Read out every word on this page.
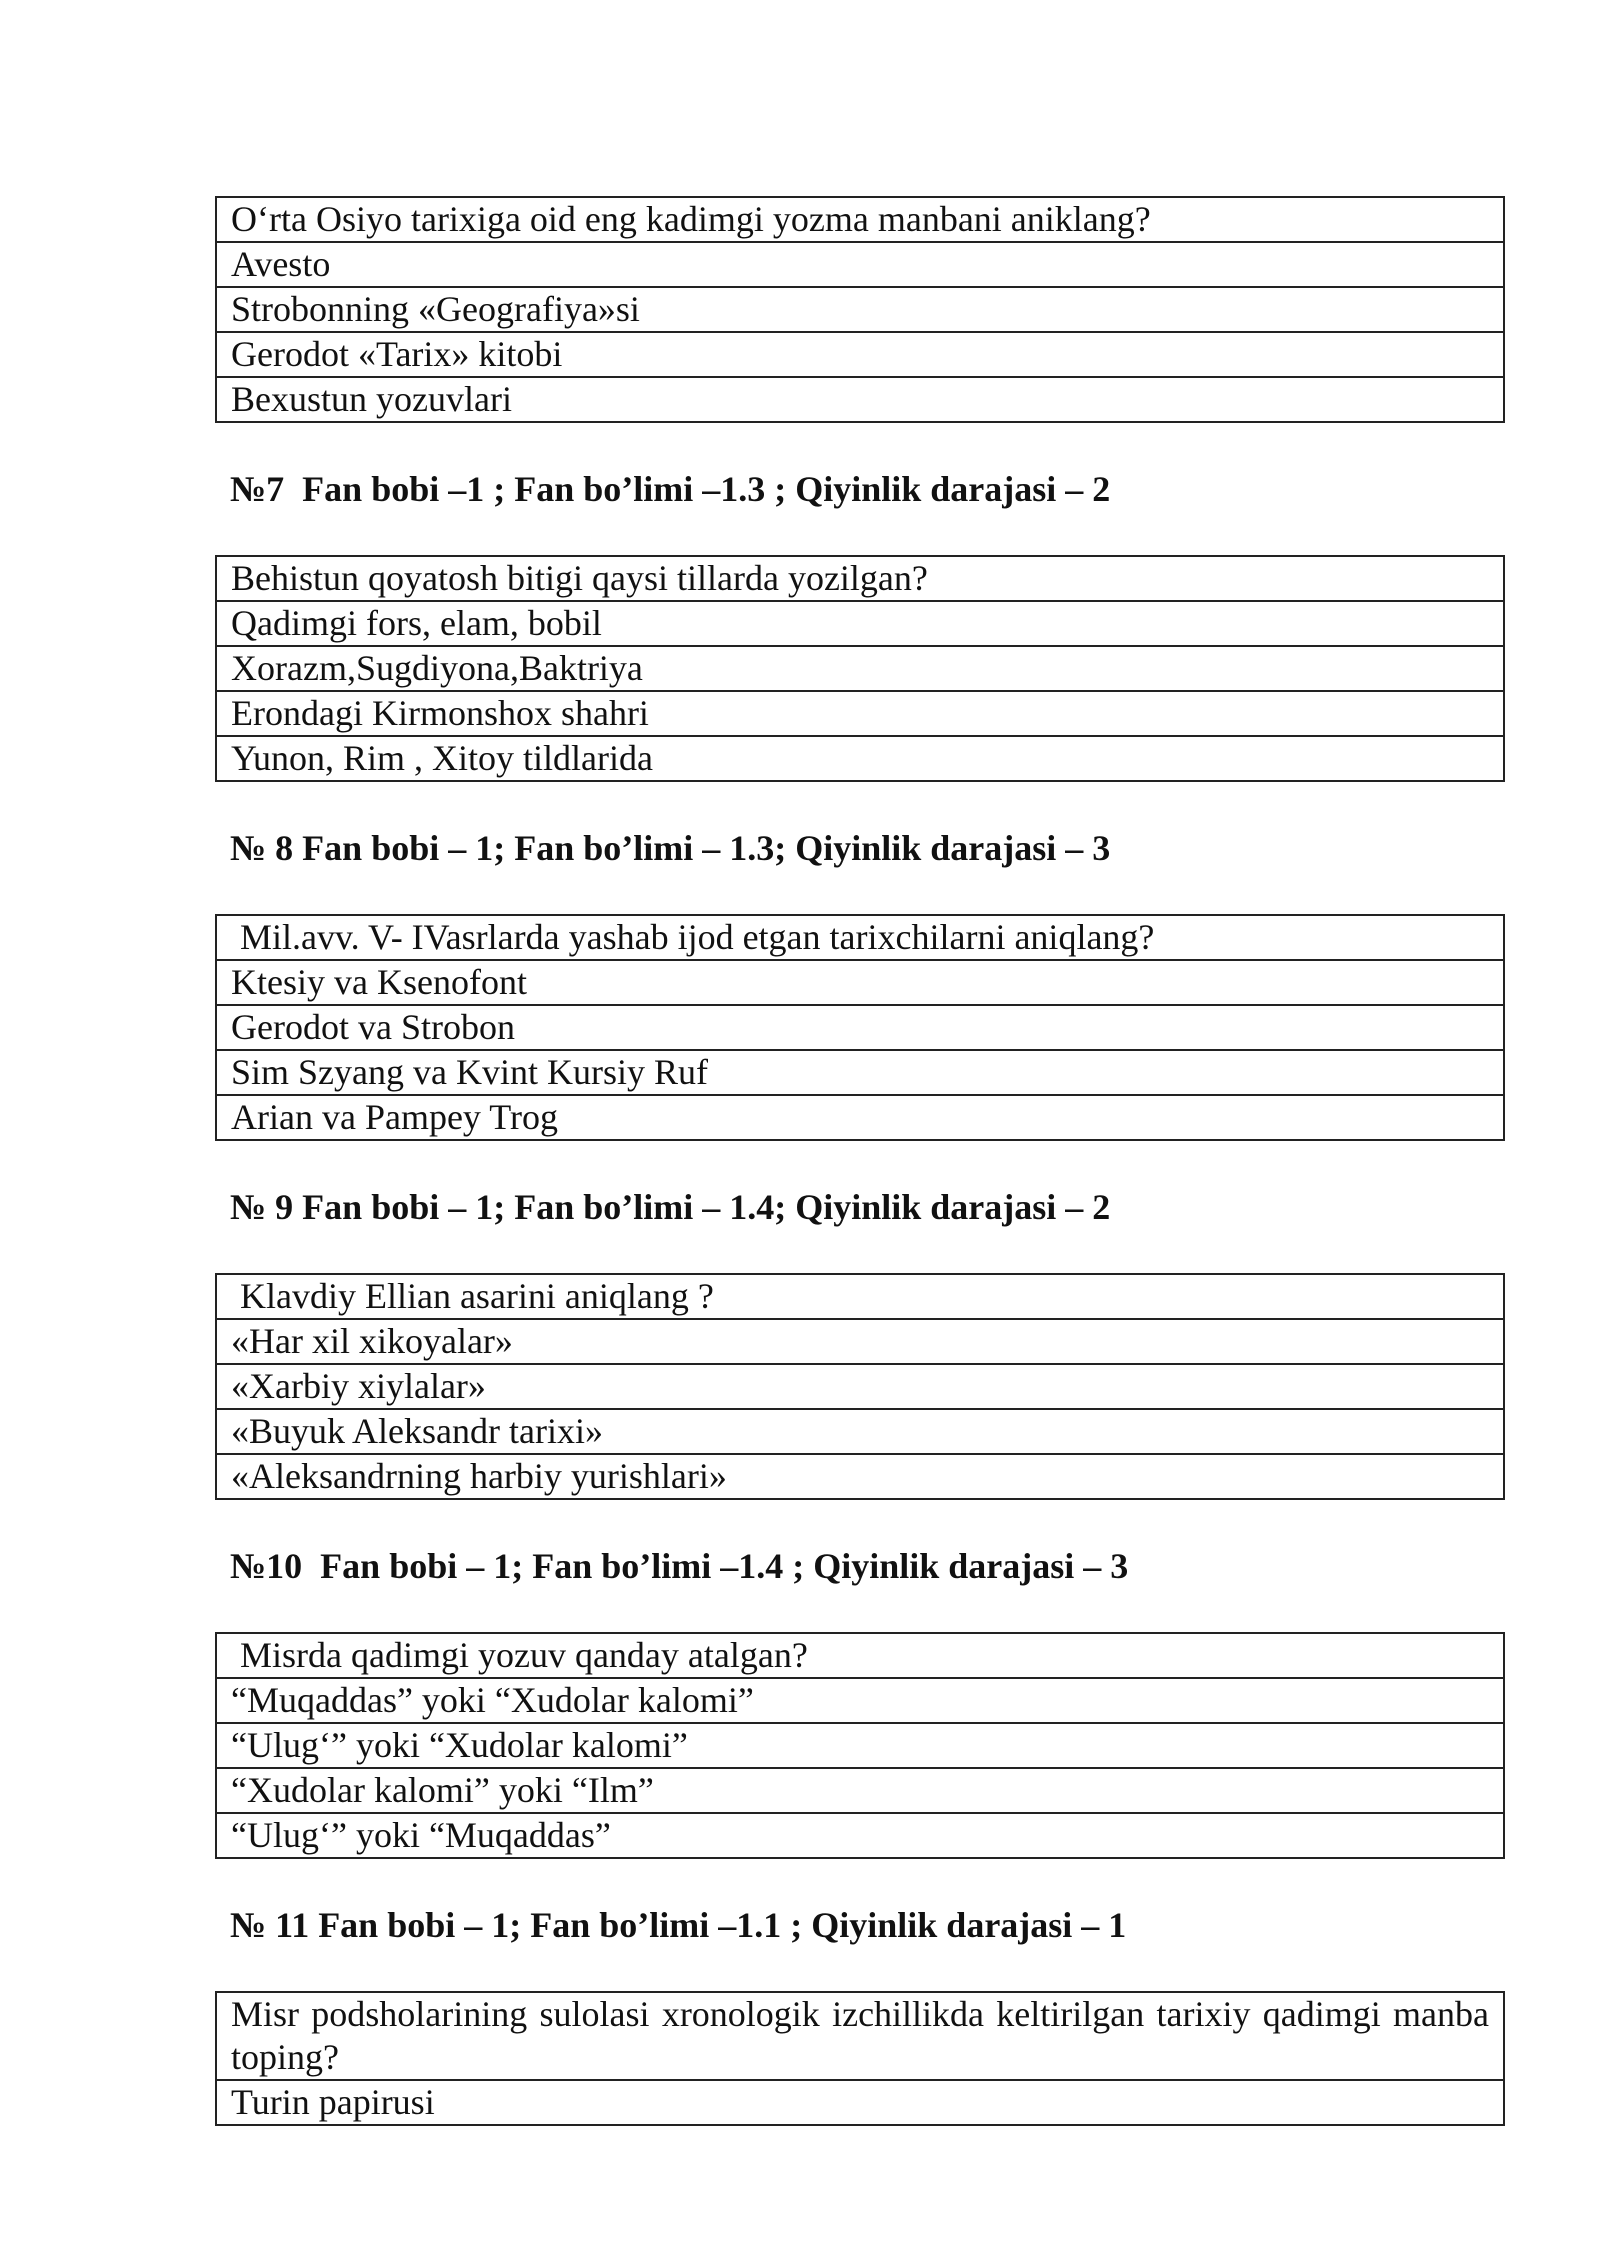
O‘rta Osiyo tarixiga oid eng kadimgi yozma manbani aniklang?
Avesto
Strobonning «Geografiya»si
Gerodot «Tarix» kitobi
Bexustun yozuvlari
№7  Fan bobi –1 ; Fan bo’limi –1.3 ; Qiyinlik darajasi – 2
Behistun qoyatosh bitigi qaysi tillarda yozilgan?
Qadimgi fors, elam, bobil
Xorazm,Sugdiyona,Baktriya
Erondagi Kirmonshox shahri
Yunon, Rim , Xitoy tildlarida
№ 8 Fan bobi – 1; Fan bo’limi – 1.3; Qiyinlik darajasi – 3
Mil.avv. V- IVasrlarda yashab ijod etgan tarixchilarni aniqlang?
Ktesiy va Ksenofont
Gerodot va Strobon
Sim Szyang va Kvint Kursiy Ruf
Arian va Pampey Trog
№ 9 Fan bobi – 1; Fan bo’limi – 1.4; Qiyinlik darajasi – 2
Klavdiy Ellian asarini aniqlang ?
«Har xil xikoyalar»
«Xarbiy xiylalar»
«Buyuk Aleksandr tarixi»
«Aleksandrning harbiy yurishlari»
№10  Fan bobi – 1; Fan bo’limi –1.4 ; Qiyinlik darajasi – 3
Misrda qadimgi yozuv qanday atalgan?
“Muqaddas” yoki “Xudolar kalomi”
“Ulug‘” yoki “Xudolar kalomi”
“Xudolar kalomi” yoki “Ilm”
“Ulug‘” yoki “Muqaddas”
№ 11 Fan bobi – 1; Fan bo’limi –1.1 ; Qiyinlik darajasi – 1
Misr podsholarining sulolasi xronologik izchillikda keltirilgan tarixiy qadimgi manba toping?
Turin papirusi
